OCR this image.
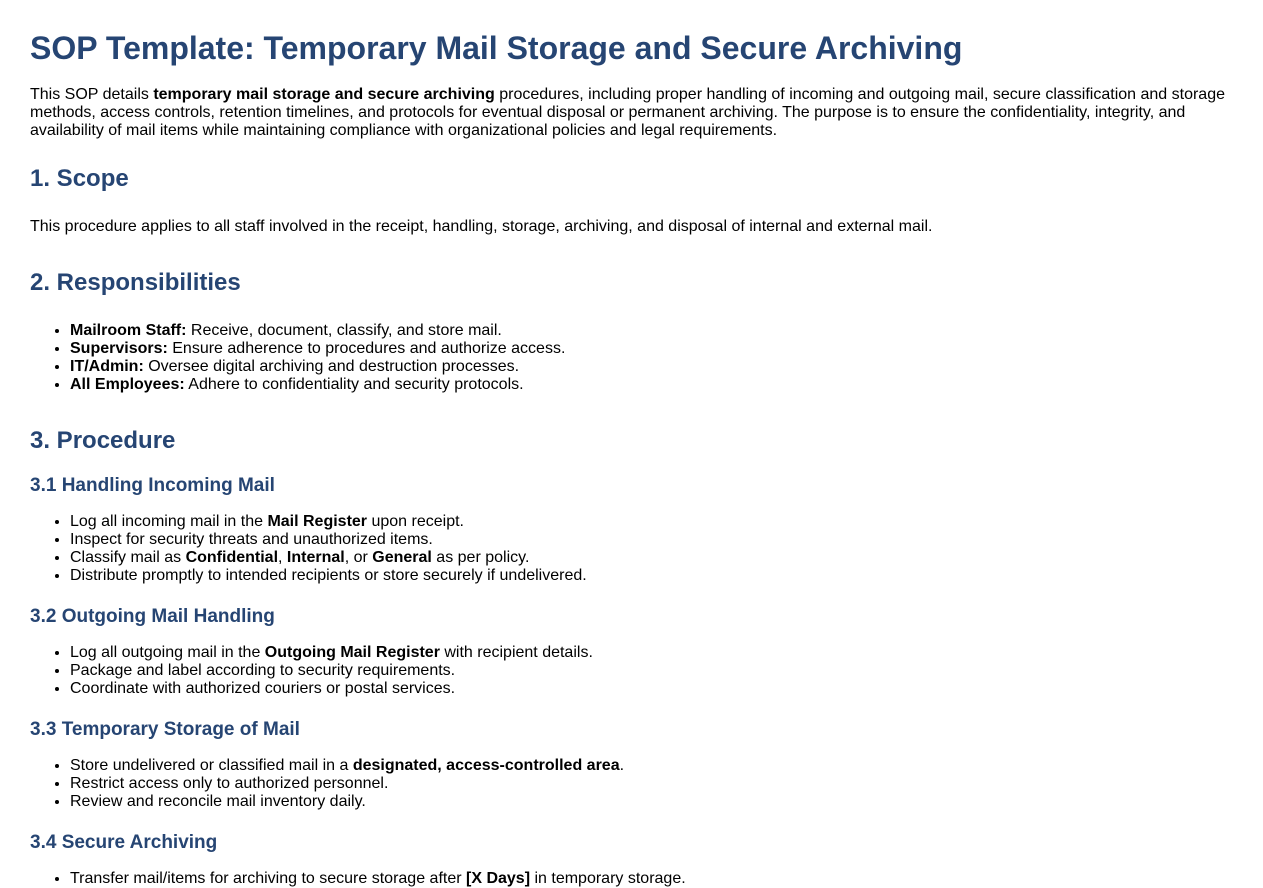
SOP Template: Temporary Mail Storage and Secure Archiving

This SOP details temporary mail storage and secure archiving procedures, including proper handling of incoming and outgoing mail, secure classification and storage methods, access controls, retention timelines, and protocols for eventual disposal or permanent archiving. The purpose is to ensure the confidentiality, integrity, and availability of mail items while maintaining compliance with organizational policies and legal requirements.

1. Scope

This procedure applies to all staff involved in the receipt, handling, storage, archiving, and disposal of internal and external mail.

2. Responsibilities
• Mailroom Staff: Receive, document, classify, and store mail.
• Supervisors: Ensure adherence to procedures and authorize access.
• IT/Admin: Oversee digital archiving and destruction processes.
• All Employees: Adhere to confidentiality and security protocols.
3. Procedure
3.1 Handling Incoming Mail
• Log all incoming mail in the Mail Register upon receipt.
• Inspect for security threats and unauthorized items.
• Classify mail as Confidential, Internal, or General as per policy.
• Distribute promptly to intended recipients or store securely if undelivered.
3.2 Outgoing Mail Handling
• Log all outgoing mail in the Outgoing Mail Register with recipient details.
• Package and label according to security requirements.
• Coordinate with authorized couriers or postal services.
3.3 Temporary Storage of Mail
• Store undelivered or classified mail in a designated, access-controlled area.
• Restrict access only to authorized personnel.
• Review and reconcile mail inventory daily.
3.4 Secure Archiving
• Transfer mail/items for archiving to secure storage after [X Days] in temporary storage.
